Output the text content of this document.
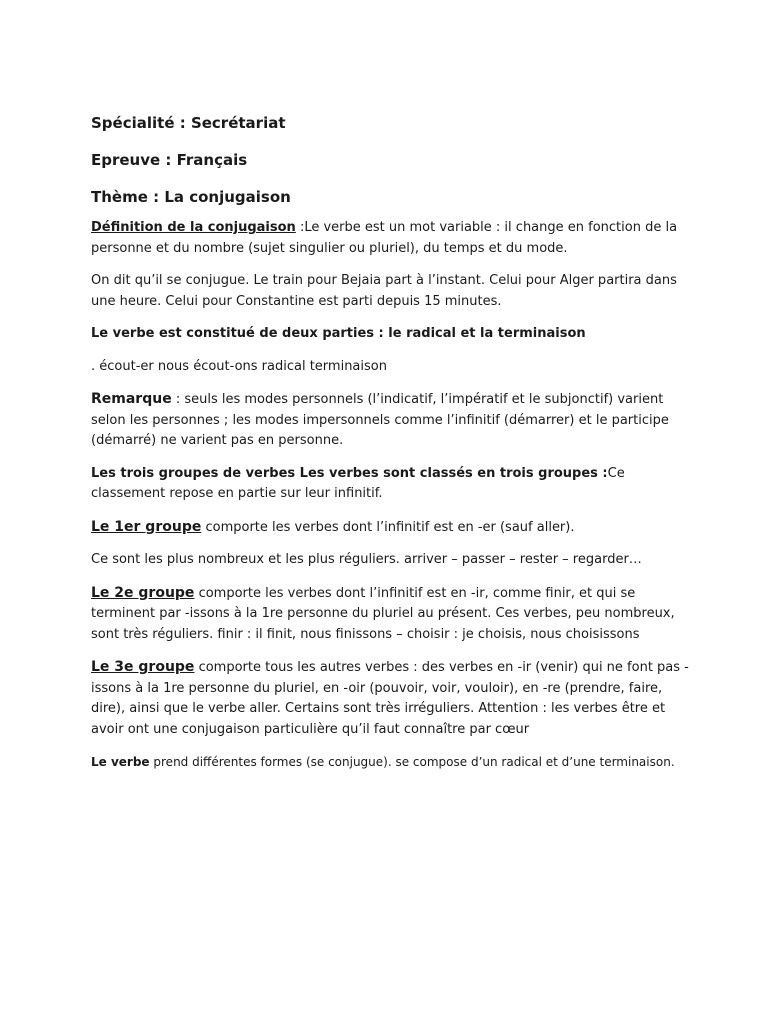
Spécialité : Secrétariat
Epreuve : Français
Thème : La conjugaison

Définition de la conjugaison :Le verbe est un mot variable : il change en fonction de la personne et du nombre (sujet singulier ou pluriel), du temps et du mode.

On dit qu’il se conjugue. Le train pour Bejaia part à l’instant. Celui pour Alger partira dans une heure. Celui pour Constantine est parti depuis 15 minutes.

Le verbe est constitué de deux parties : le radical et la terminaison

. écout-er nous écout-ons radical terminaison

Remarque : seuls les modes personnels (l’indicatif, l’impératif et le subjonctif) varient selon les personnes ; les modes impersonnels comme l’infinitif (démarrer) et le participe (démarré) ne varient pas en personne.

Les trois groupes de verbes Les verbes sont classés en trois groupes :Ce classement repose en partie sur leur infinitif.

Le 1er groupe comporte les verbes dont l’infinitif est en -er (sauf aller).

Ce sont les plus nombreux et les plus réguliers. arriver – passer – rester – regarder…

Le 2e groupe comporte les verbes dont l’infinitif est en -ir, comme finir, et qui se terminent par -issons à la 1re personne du pluriel au présent. Ces verbes, peu nombreux, sont très réguliers. finir : il finit, nous finissons – choisir : je choisis, nous choisissons

Le 3e groupe comporte tous les autres verbes : des verbes en -ir (venir) qui ne font pas -issons à la 1re personne du pluriel, en -oir (pouvoir, voir, vouloir), en -re (prendre, faire, dire), ainsi que le verbe aller. Certains sont très irréguliers. Attention : les verbes être et avoir ont une conjugaison particulière qu’il faut connaître par cœur

Le verbe prend différentes formes (se conjugue). se compose d’un radical et d’une terminaison.
